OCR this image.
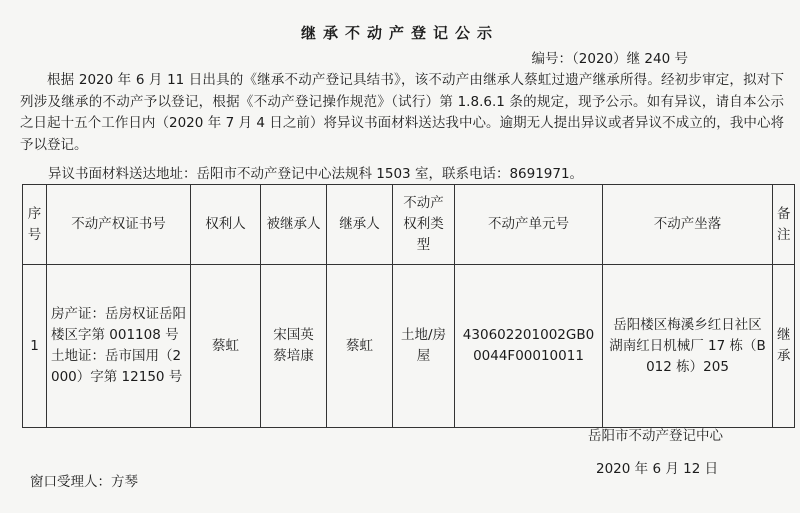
继承不动产登记公示
编号：（2020）继 240 号
根据 2020 年 6 月 11 日出具的《继承不动产登记具结书》，该不动产由继承人蔡虹过遗产继承所得。经初步审定，拟对下列涉及继承的不动产予以登记，根据《不动产登记操作规范》（试行）第 1.8.6.1 条的规定，现予公示。如有异议，请自本公示之日起十五个工作日内（2020 年 7 月 4 日之前）将异议书面材料送达我中心。逾期无人提出异议或者异议不成立的，我中心将予以登记。
异议书面材料送达地址：岳阳市不动产登记中心法规科 1503 室，联系电话：8691971。
序号	不动产权证书号	权利人	被继承人	继承人	不动产权利类型	不动产单元号	不动产坐落	备注
1	房产证：岳房权证岳阳楼区字第 001108 号 土地证：岳市国用（2000）字第 12150 号	蔡虹	宋国英 蔡培康	蔡虹	土地/房屋	430602201002GB00044F00010011	岳阳楼区梅溪乡红日社区湖南红日机械厂 17 栋（B012 栋）205	继承
岳阳市不动产登记中心
2020 年 6 月 12 日
窗口受理人：方琴
